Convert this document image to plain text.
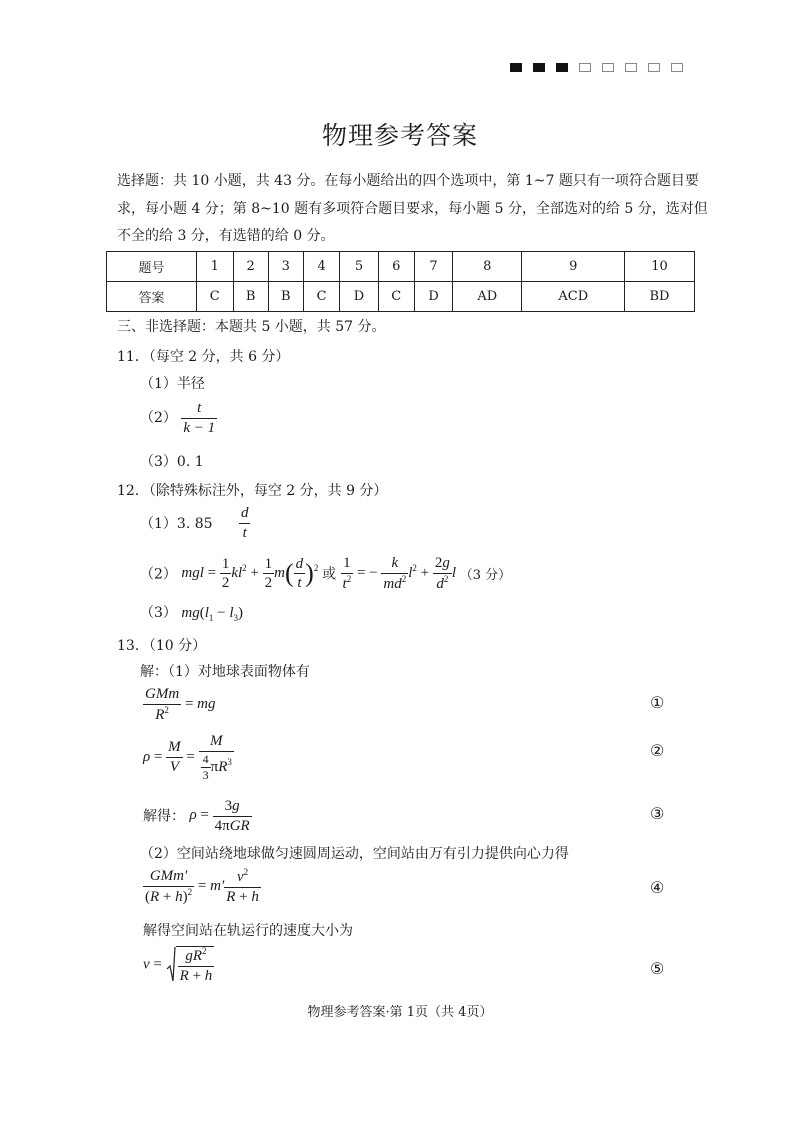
物理参考答案
选择题：共 10 小题，共 43 分。在每小题给出的四个选项中，第 1~7 题只有一项符合题目要
求，每小题 4 分；第 8~10 题有多项符合题目要求，每小题 5 分，全部选对的给 5 分，选对但
不全的给 3 分，有选错的给 0 分。
题号	1	2	3	4	5	6	7	8	9	10
答案	C	B	B	C	D	C	D	AD	ACD	BD
三、非选择题：本题共 5 小题，共 57 分。
11．（每空 2 分，共 6 分）
（1）半径
$(2) \frac{t}{k - 1}$
（3）0. 1
12．（除特殊标注外，每空 2 分，共 9 分）
（1）3. $85 \frac{d}{t}$
（2） mgl = $\frac{1}{2} kl^2 + \frac{1}{2} m( \frac{d}{t} )^2$ 或 $\frac{1}{t^2}$ = − $\frac{k}{md^2} l^2 + \frac{2g}{d^2}$ l （3 分）
（3） $mg(l_1 - l_3)$
13．（10 分）
解：（1）对地球表面物体有
$\frac{\text{GMm}}{R^2}$ = mg	①
$\rho = \frac{M}{V} = \frac{M}{\frac{4}{3} \pi R^3}$	②
解得： $\rho = \frac{3g}{\text{4πGR}}$	③
（2）空间站绕地球做匀速圆周运动，空间站由万有引力提供向心力得
$\frac{\text{GMm′}}{(R + h)^2} = m' \frac{v^2}{R + h}$	④
解得空间站在轨运行的速度大小为
$v = \frac{gR^2}{R + h}$	⑤
物理参考答案·第 1页（共 4页）
